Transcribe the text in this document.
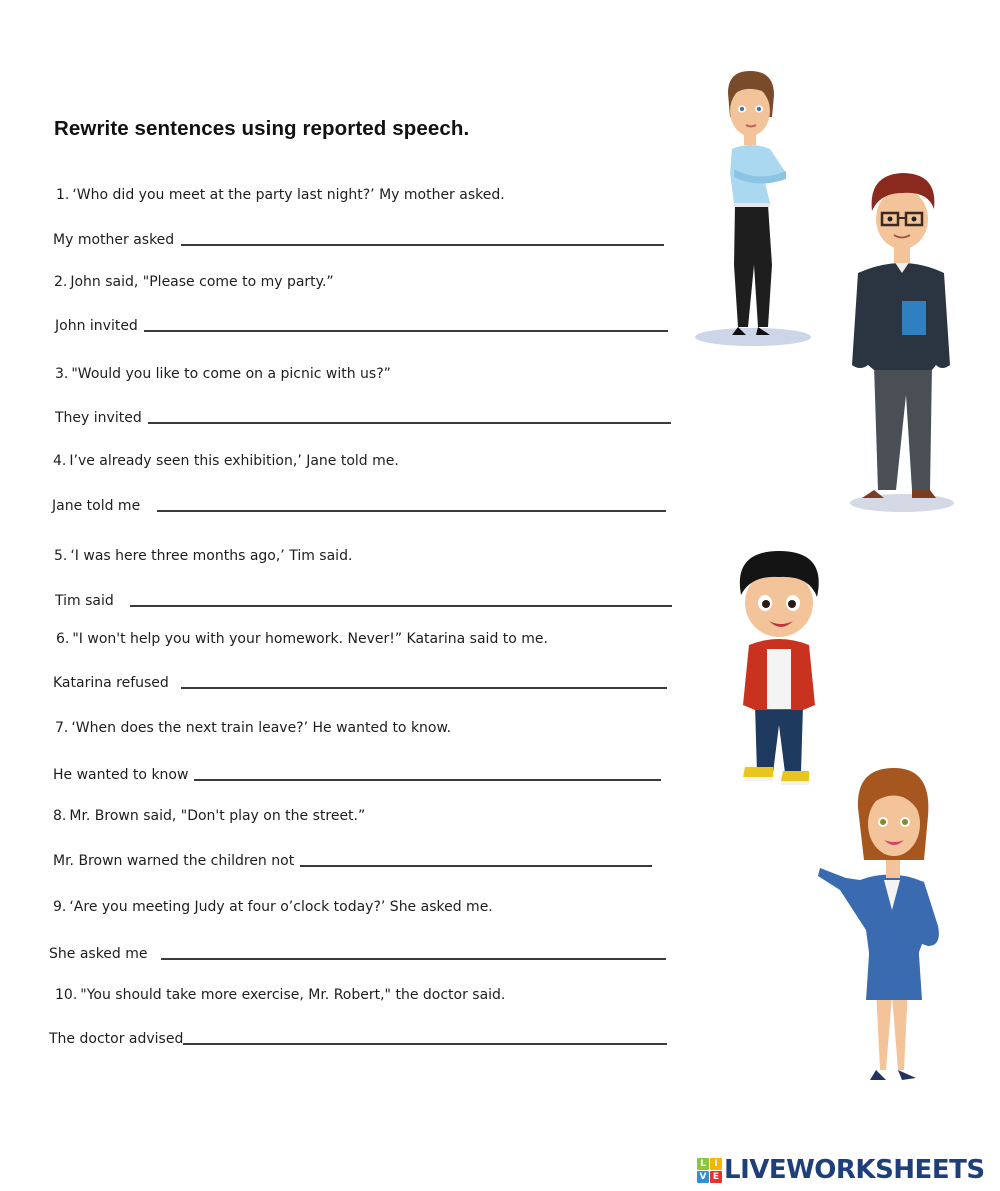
Rewrite sentences using reported speech.
1. ‘Who did you meet at the party last night?’ My mother asked.
My mother asked
2. John said, "Please come to my party.”
John invited
3. "Would you like to come on a picnic with us?”
They invited
4. I’ve already seen this exhibition,’ Jane told me.
Jane told me
5. ‘I was here three months ago,’ Tim said.
Tim said
6. "I won't help you with your homework. Never!” Katarina said to me.
Katarina refused
7. ‘When does the next train leave?’ He wanted to know.
He wanted to know
8. Mr. Brown said, "Don't play on the street.”
Mr. Brown warned the children not
9. ‘Are you meeting Judy at four o’clock today?’ She asked me.
She asked me
10. "You should take more exercise, Mr. Robert," the doctor said.
The doctor advised
L I
V E LIVEWORKSHEETS
